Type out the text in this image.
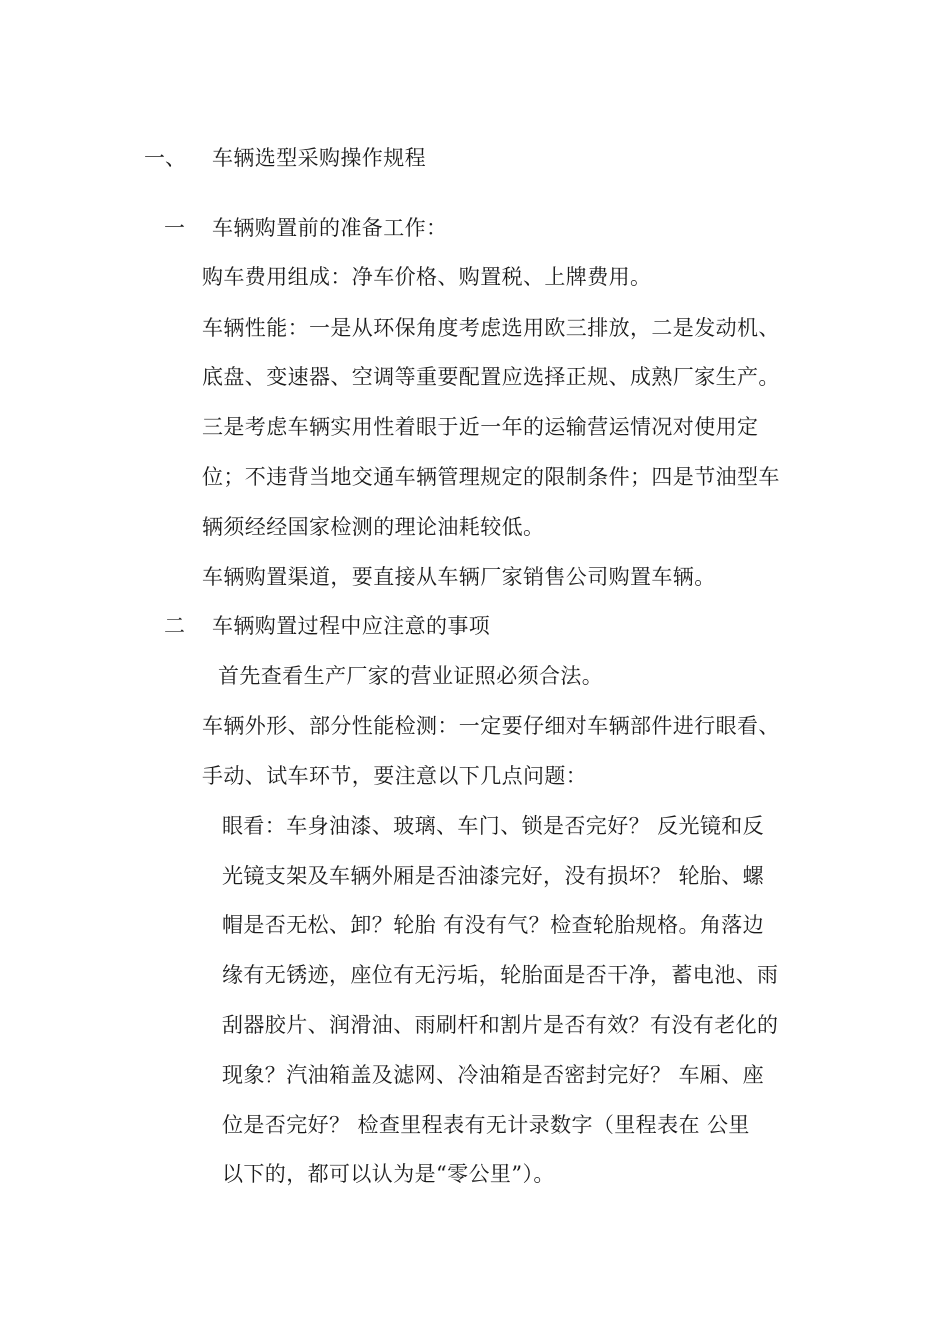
一、 车辆选型采购操作规程
一 车辆购置前的准备工作：
购车费用组成：净车价格、购置税、上牌费用。
车辆性能：一是从环保角度考虑选用欧三排放，二是发动机、
底盘、变速器、空调等重要配置应选择正规、成熟厂家生产。
三是考虑车辆实用性着眼于近一年的运输营运情况对使用定
位；不违背当地交通车辆管理规定的限制条件；四是节油型车
辆须经经国家检测的理论油耗较低。
车辆购置渠道，要直接从车辆厂家销售公司购置车辆。
二 车辆购置过程中应注意的事项
首先查看生产厂家的营业证照必须合法。
车辆外形、部分性能检测：一定要仔细对车辆部件进行眼看、
手动、试车环节，要注意以下几点问题：
眼看：车身油漆、玻璃、车门、锁是否完好？ 反光镜和反
光镜支架及车辆外厢是否油漆完好，没有损坏？ 轮胎、螺
帽是否无松、卸？轮胎 有没有气？检查轮胎规格。角落边
缘有无锈迹，座位有无污垢，轮胎面是否干净，蓄电池、雨
刮器胶片、润滑油、雨刷杆和割片是否有效？有没有老化的
现象？汽油箱盖及滤网、冷油箱是否密封完好？ 车厢、座
位是否完好？ 检查里程表有无计录数字（里程表在 公里
以下的，都可以认为是“零公里”）。
